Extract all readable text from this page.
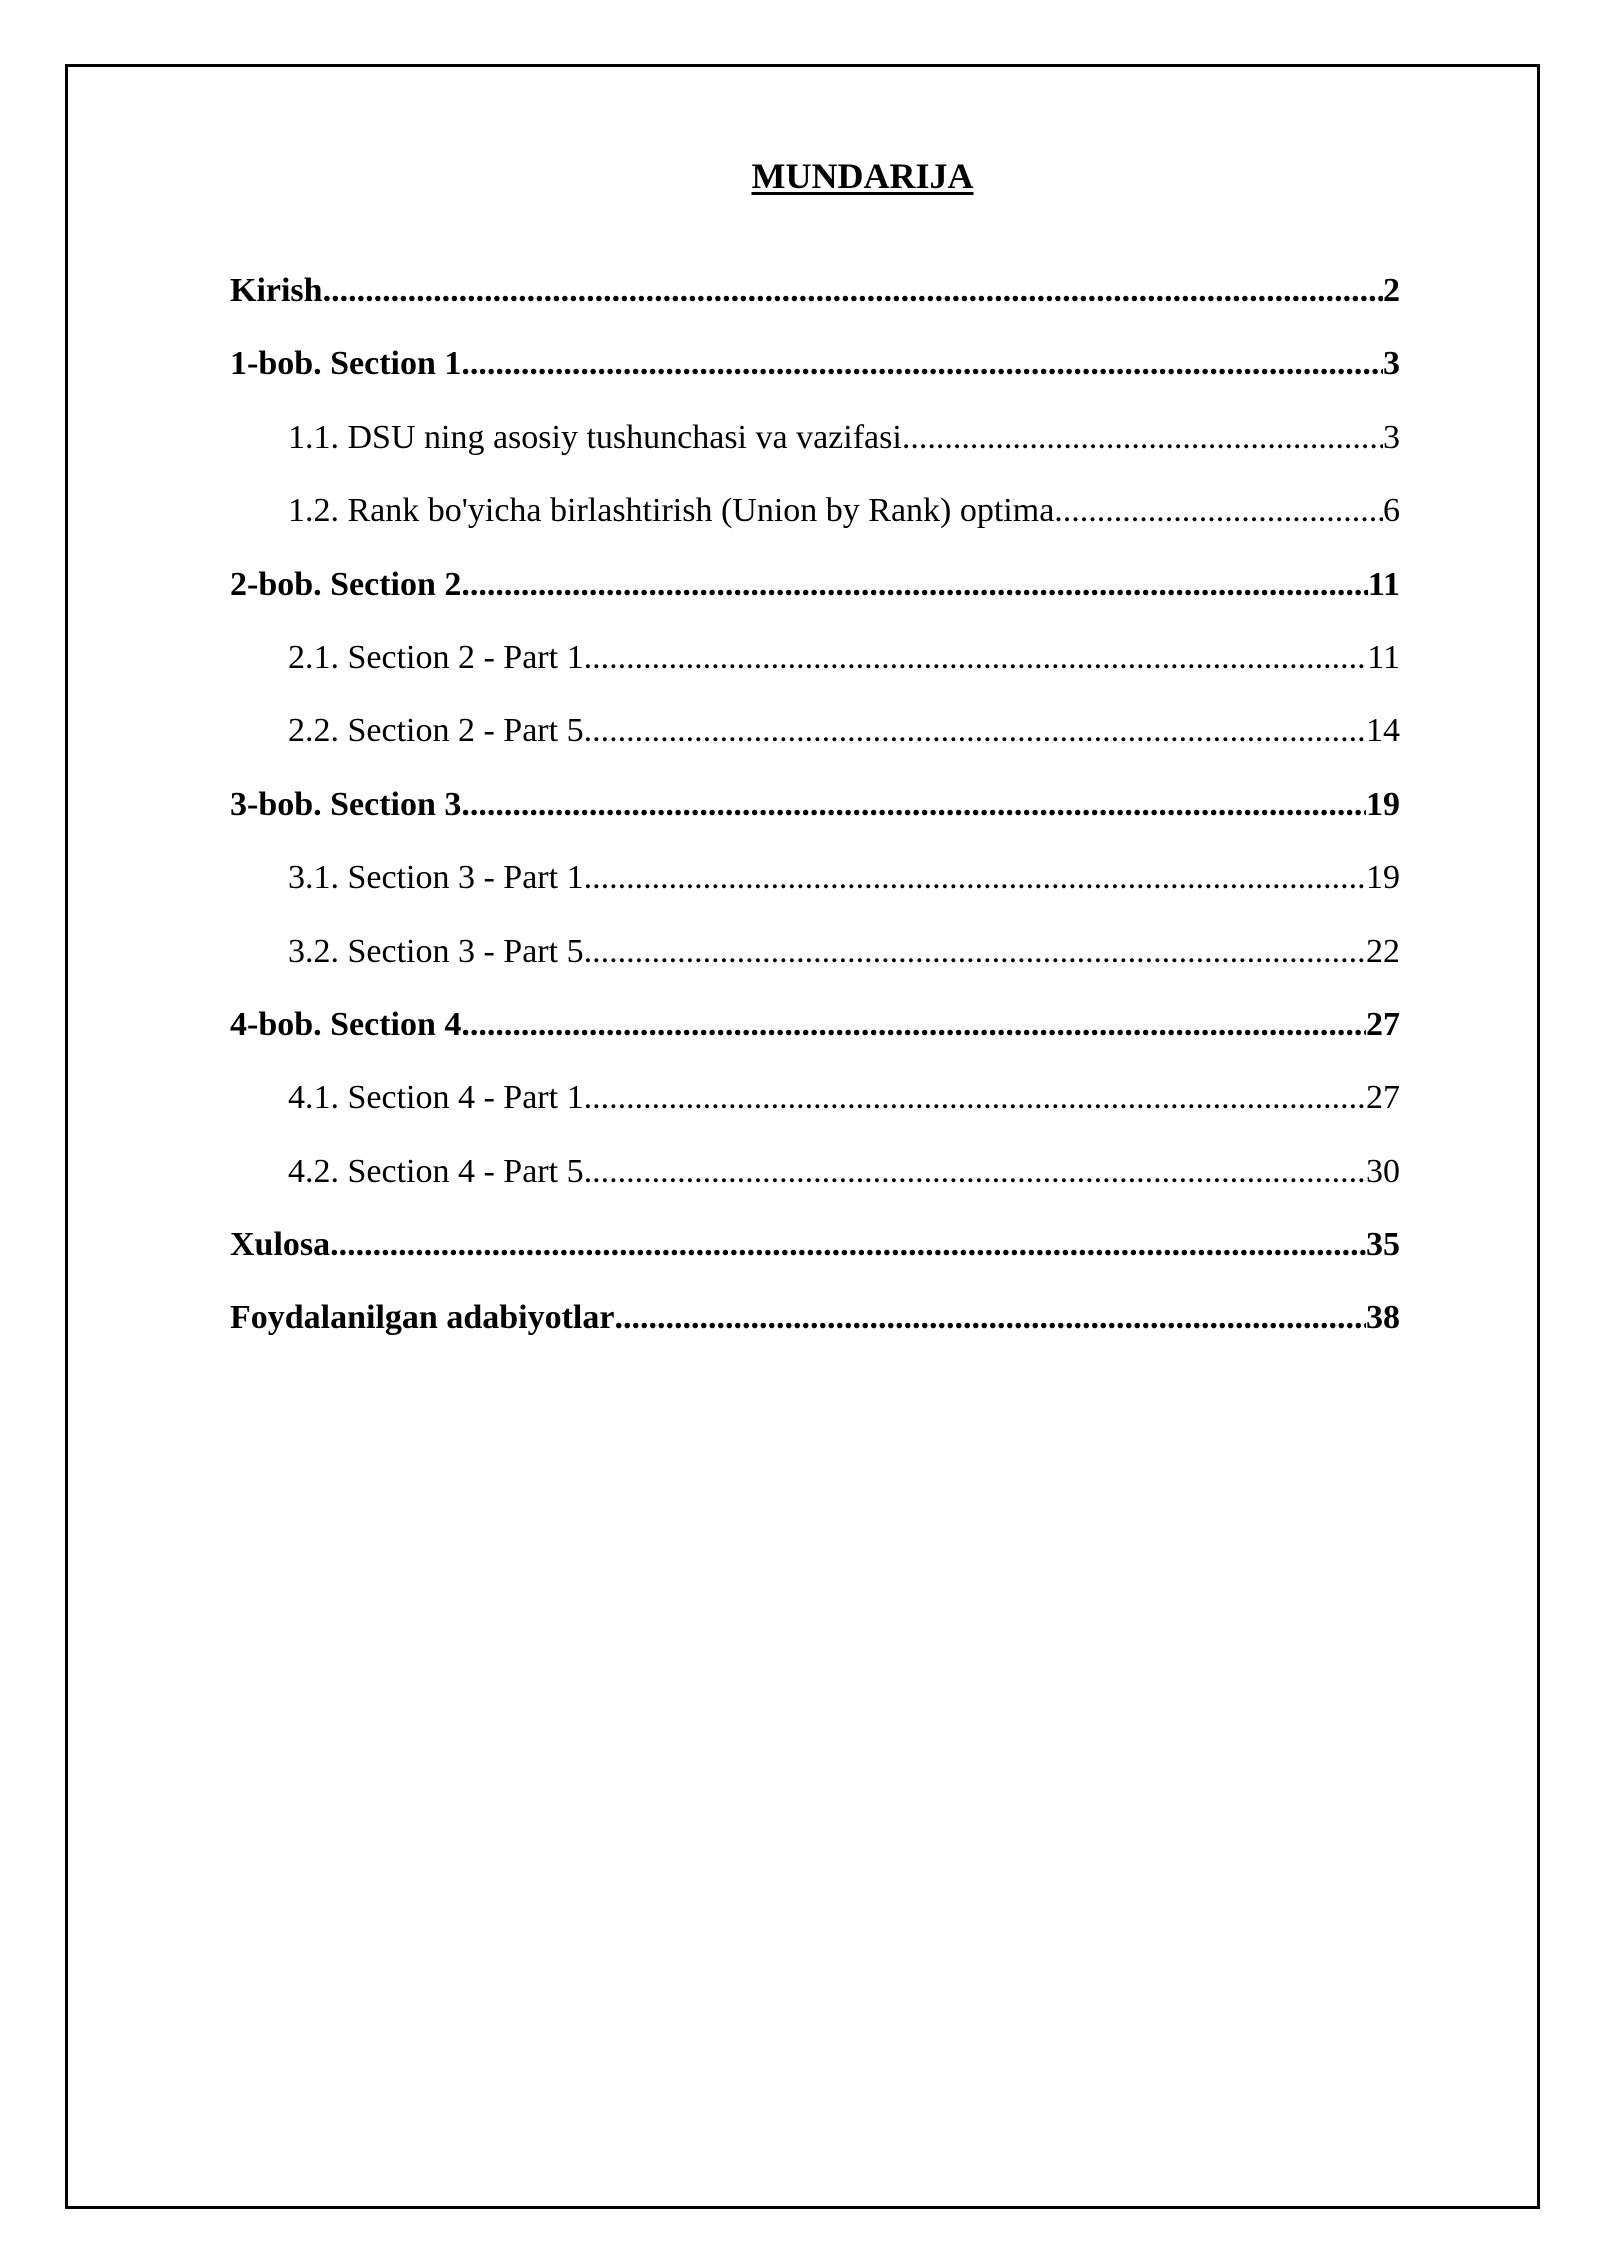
MUNDARIJA
Kirish .....	2
1-bob. Section 1 .....	3
1.1. DSU ning asosiy tushunchasi va vazifasi .....	3
1.2. Rank bo'yicha birlashtirish (Union by Rank) optima .....	6
2-bob. Section 2 .....	11
2.1. Section 2 - Part 1 .....	11
2.2. Section 2 - Part 5 .....	14
3-bob. Section 3 .....	19
3.1. Section 3 - Part 1 .....	19
3.2. Section 3 - Part 5 .....	22
4-bob. Section 4 .....	27
4.1. Section 4 - Part 1 .....	27
4.2. Section 4 - Part 5 .....	30
Xulosa .....	35
Foydalanilgan adabiyotlar .....	38
